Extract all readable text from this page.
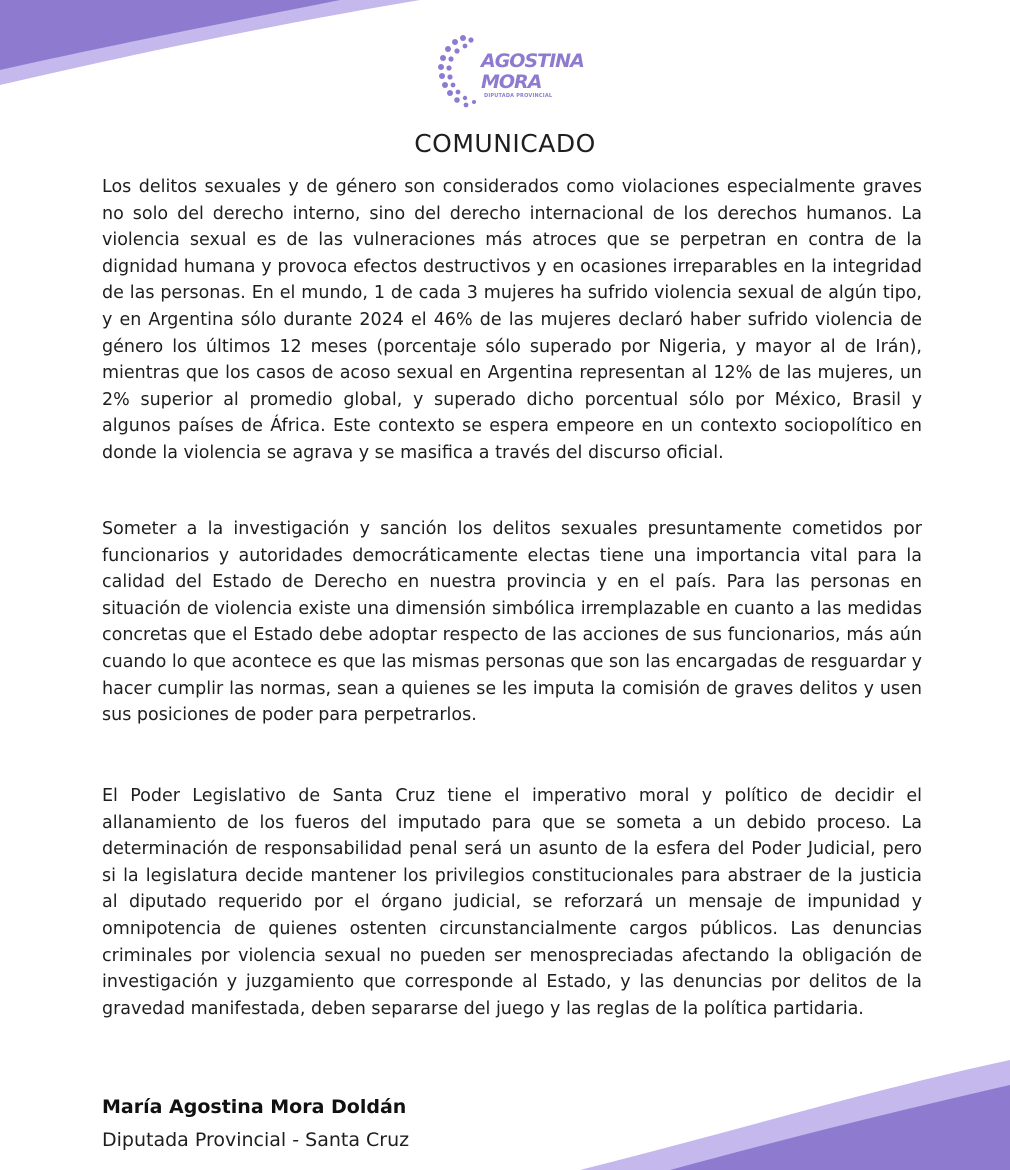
AGOSTINA
MORA
DIPUTADA PROVINCIAL
COMUNICADO

Los delitos sexuales y de género son considerados como violaciones especialmente graves no solo del derecho interno, sino del derecho internacional de los derechos humanos. La violencia sexual es de las vulneraciones más atroces que se perpetran en contra de la dignidad humana y provoca efectos destructivos y en ocasiones irreparables en la integridad de las personas. En el mundo, 1 de cada 3 mujeres ha sufrido violencia sexual de algún tipo, y en Argentina sólo durante 2024 el 46% de las mujeres declaró haber sufrido violencia de género los últimos 12 meses (porcentaje sólo superado por Nigeria, y mayor al de Irán), mientras que los casos de acoso sexual en Argentina representan al 12% de las mujeres, un 2% superior al promedio global, y superado dicho porcentual sólo por México, Brasil y algunos países de África. Este contexto se espera empeore en un contexto sociopolítico en donde la violencia se agrava y se masifica a través del discurso oficial.

Someter a la investigación y sanción los delitos sexuales presuntamente cometidos por funcionarios y autoridades democráticamente electas tiene una importancia vital para la calidad del Estado de Derecho en nuestra provincia y en el país. Para las personas en situación de violencia existe una dimensión simbólica irremplazable en cuanto a las medidas concretas que el Estado debe adoptar respecto de las acciones de sus funcionarios, más aún cuando lo que acontece es que las mismas personas que son las encargadas de resguardar y hacer cumplir las normas, sean a quienes se les imputa la comisión de graves delitos y usen sus posiciones de poder para perpetrarlos.

El Poder Legislativo de Santa Cruz tiene el imperativo moral y político de decidir el allanamiento de los fueros del imputado para que se someta a un debido proceso. La determinación de responsabilidad penal será un asunto de la esfera del Poder Judicial, pero si la legislatura decide mantener los privilegios constitucionales para abstraer de la justicia al diputado requerido por el órgano judicial, se reforzará un mensaje de impunidad y omnipotencia de quienes ostenten circunstancialmente cargos públicos. Las denuncias criminales por violencia sexual no pueden ser menospreciadas afectando la obligación de investigación y juzgamiento que corresponde al Estado, y las denuncias por delitos de la gravedad manifestada, deben separarse del juego y las reglas de la política partidaria.

María Agostina Mora Doldán
Diputada Provincial - Santa Cruz
